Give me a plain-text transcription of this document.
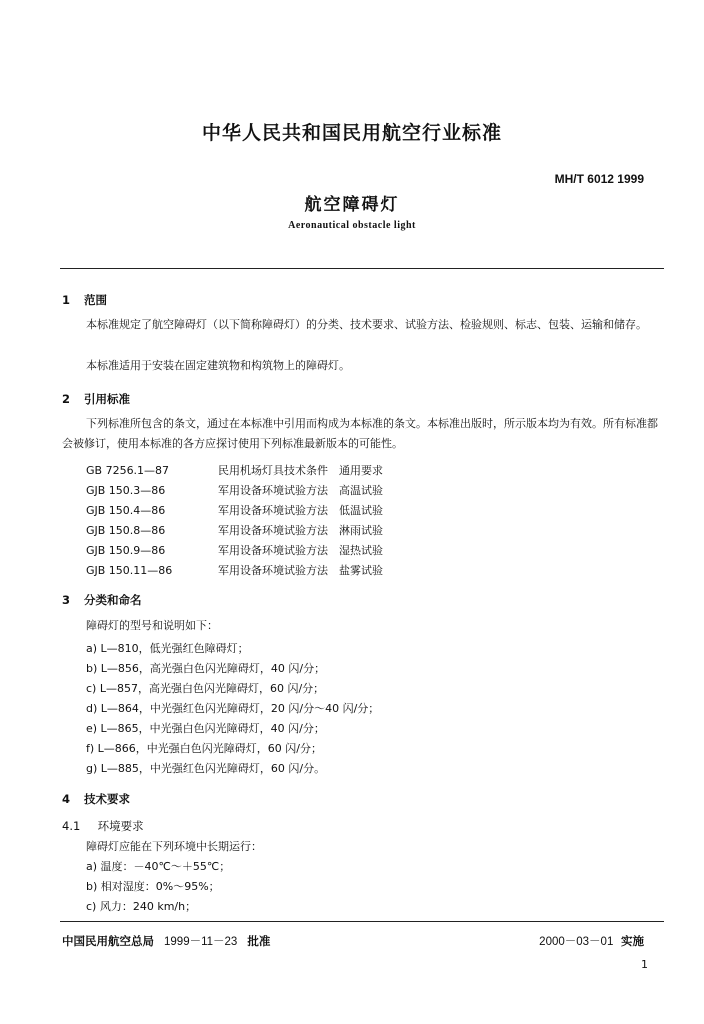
中华人民共和国民用航空行业标准
MH/T 6012 1999
航空障碍灯
Aeronautical obstacle light
1 范围
本标准规定了航空障碍灯（以下简称障碍灯）的分类、技术要求、试验方法、检验规则、标志、包装、运输和储存。
本标准适用于安装在固定建筑物和构筑物上的障碍灯。
2 引用标准
下列标准所包含的条文，通过在本标准中引用而构成为本标准的条文。本标准出版时，所示版本均为有效。所有标准都会被修订，使用本标准的各方应探讨使用下列标准最新版本的可能性。
GB 7256.1—87	民用机场灯具技术条件　通用要求
GJB 150.3—86	军用设备环境试验方法　高温试验
GJB 150.4—86	军用设备环境试验方法　低温试验
GJB 150.8—86	军用设备环境试验方法　淋雨试验
GJB 150.9—86	军用设备环境试验方法　湿热试验
GJB 150.11—86	军用设备环境试验方法　盐雾试验
3 分类和命名
障碍灯的型号和说明如下：
a) L—810，低光强红色障碍灯；
b) L—856，高光强白色闪光障碍灯，40 闪/分；
c) L—857，高光强白色闪光障碍灯，60 闪/分；
d) L—864，中光强红色闪光障碍灯，20 闪/分～40 闪/分；
e) L—865，中光强白色闪光障碍灯，40 闪/分；
f) L—866，中光强白色闪光障碍灯，60 闪/分；
g) L—885，中光强红色闪光障碍灯，60 闪/分。
4 技术要求
4.1 环境要求
障碍灯应能在下列环境中长期运行：
a) 温度：－40℃～＋55℃；
b) 相对湿度：0%～95%；
c) 风力：240 km/h；
中国民用航空总局 1999－11－23 批准	2000－03－01 实施
1
